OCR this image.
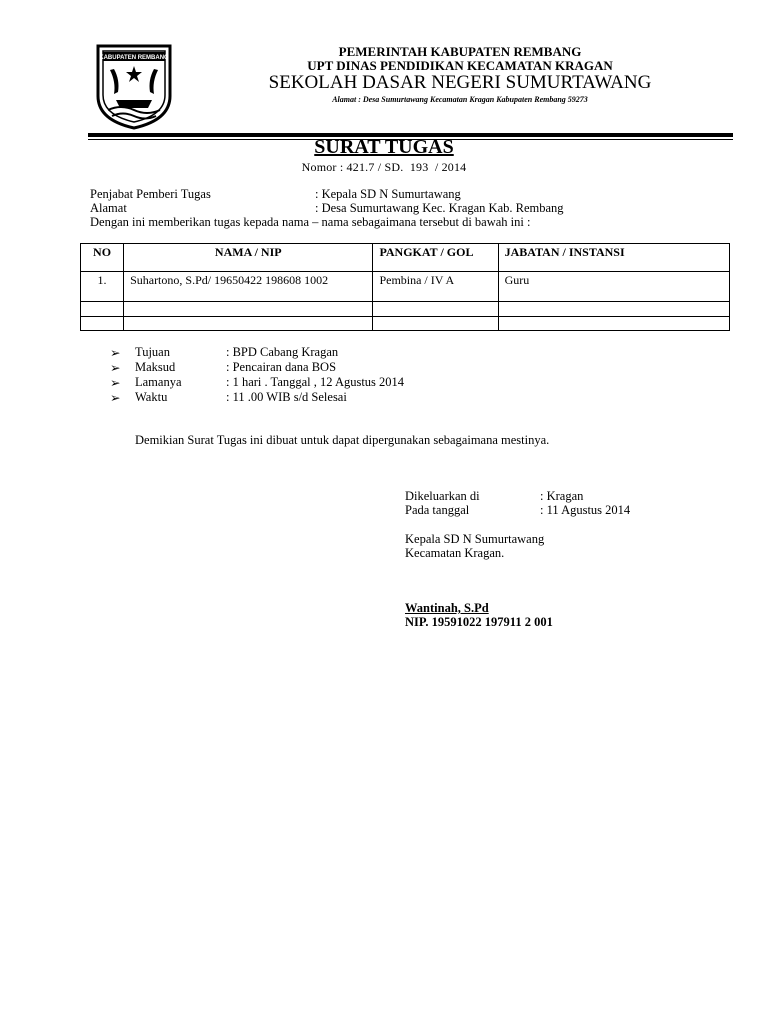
KABUPATEN REMBANG	PEMERINTAH KABUPATEN REMBANG
UPT DINAS PENDIDIKAN KECAMATAN KRAGAN
SEKOLAH DASAR NEGERI SUMURTAWANG
Alamat : Desa Sumurtawang Kecamatan Kragan Kabupaten Rembang 59273
SURAT TUGAS
Nomor : 421.7 / SD.  193  / 2014
Penjabat Pemberi Tugas	: Kepala SD N Sumurtawang
Alamat	: Desa Sumurtawang Kec. Kragan Kab. Rembang
Dengan ini memberikan tugas kepada nama – nama sebagaimana tersebut di bawah ini :
NO	NAMA / NIP	PANGKAT / GOL	JABATAN / INSTANSI
1.	Suhartono, S.Pd/ 19650422 198608 1002	Pembina / IV A	Guru

➢ Tujuan	: BPD Cabang Kragan
➢ Maksud	: Pencairan dana BOS
➢ Lamanya	: 1 hari . Tanggal , 12 Agustus 2014
➢ Waktu	: 11 .00 WIB s/d Selesai
Demikian Surat Tugas ini dibuat untuk dapat dipergunakan sebagaimana mestinya.
Dikeluarkan di	: Kragan
Pada tanggal	: 11 Agustus 2014
Kepala SD N Sumurtawang
Kecamatan Kragan.
Wantinah, S.Pd
NIP. 19591022 197911 2 001
